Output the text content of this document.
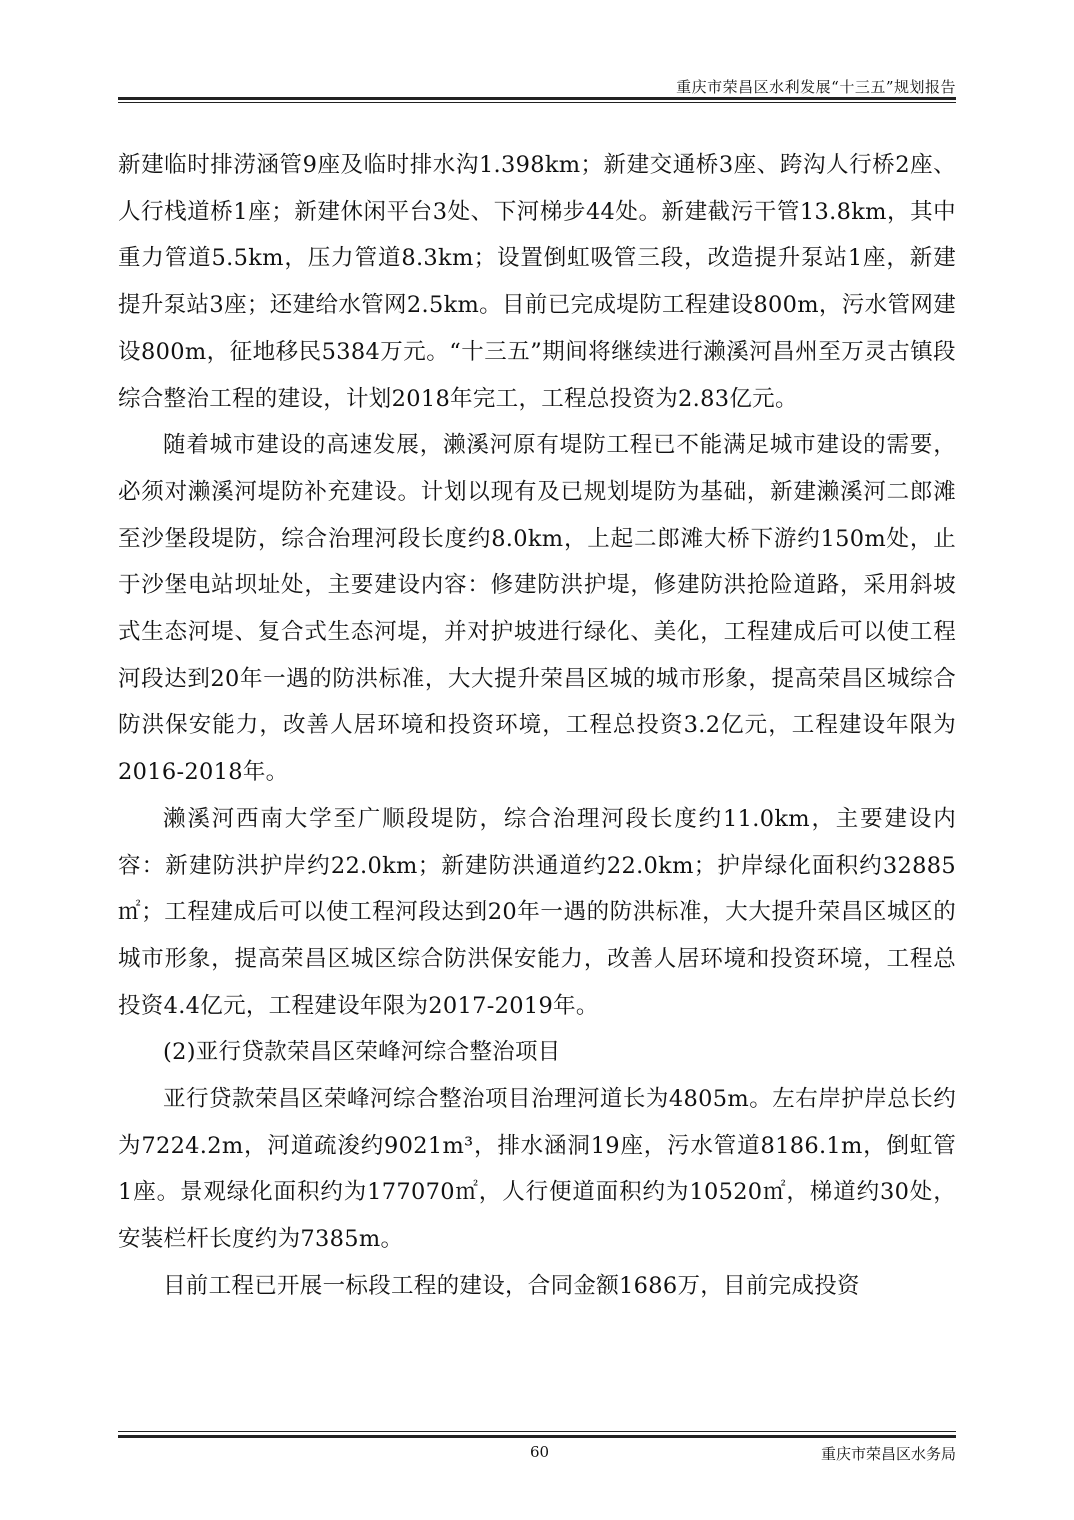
重庆市荣昌区水利发展“十三五”规划报告

新建临时排涝涵管9座及临时排水沟1.398km；新建交通桥3座、跨沟人行桥2座、人行栈道桥1座；新建休闲平台3处、下河梯步44处。新建截污干管13.8km，其中重力管道5.5km，压力管道8.3km；设置倒虹吸管三段，改造提升泵站1座，新建提升泵站3座；还建给水管网2.5km。目前已完成堤防工程建设800m，污水管网建设800m，征地移民5384万元。“十三五”期间将继续进行濑溪河昌州至万灵古镇段综合整治工程的建设，计划2018年完工，工程总投资为2.83亿元。

随着城市建设的高速发展，濑溪河原有堤防工程已不能满足城市建设的需要，必须对濑溪河堤防补充建设。计划以现有及已规划堤防为基础，新建濑溪河二郎滩至沙堡段堤防，综合治理河段长度约8.0km，上起二郎滩大桥下游约150m处，止于沙堡电站坝址处，主要建设内容：修建防洪护堤，修建防洪抢险道路，采用斜坡式生态河堤、复合式生态河堤，并对护坡进行绿化、美化，工程建成后可以使工程河段达到20年一遇的防洪标准，大大提升荣昌区城的城市形象，提高荣昌区城综合防洪保安能力，改善人居环境和投资环境，工程总投资3.2亿元，工程建设年限为2016-2018年。

濑溪河西南大学至广顺段堤防，综合治理河段长度约11.0km，主要建设内容：新建防洪护岸约22.0km；新建防洪通道约22.0km；护岸绿化面积约32885㎡；工程建成后可以使工程河段达到20年一遇的防洪标准，大大提升荣昌区城区的城市形象，提高荣昌区城区综合防洪保安能力，改善人居环境和投资环境，工程总投资4.4亿元，工程建设年限为2017-2019年。

(2)亚行贷款荣昌区荣峰河综合整治项目

亚行贷款荣昌区荣峰河综合整治项目治理河道长为4805m。左右岸护岸总长约为7224.2m，河道疏浚约9021m³，排水涵洞19座，污水管道8186.1m，倒虹管1座。景观绿化面积约为177070㎡，人行便道面积约为10520㎡，梯道约30处，安装栏杆长度约为7385m。

目前工程已开展一标段工程的建设，合同金额1686万，目前完成投资

60	重庆市荣昌区水务局
